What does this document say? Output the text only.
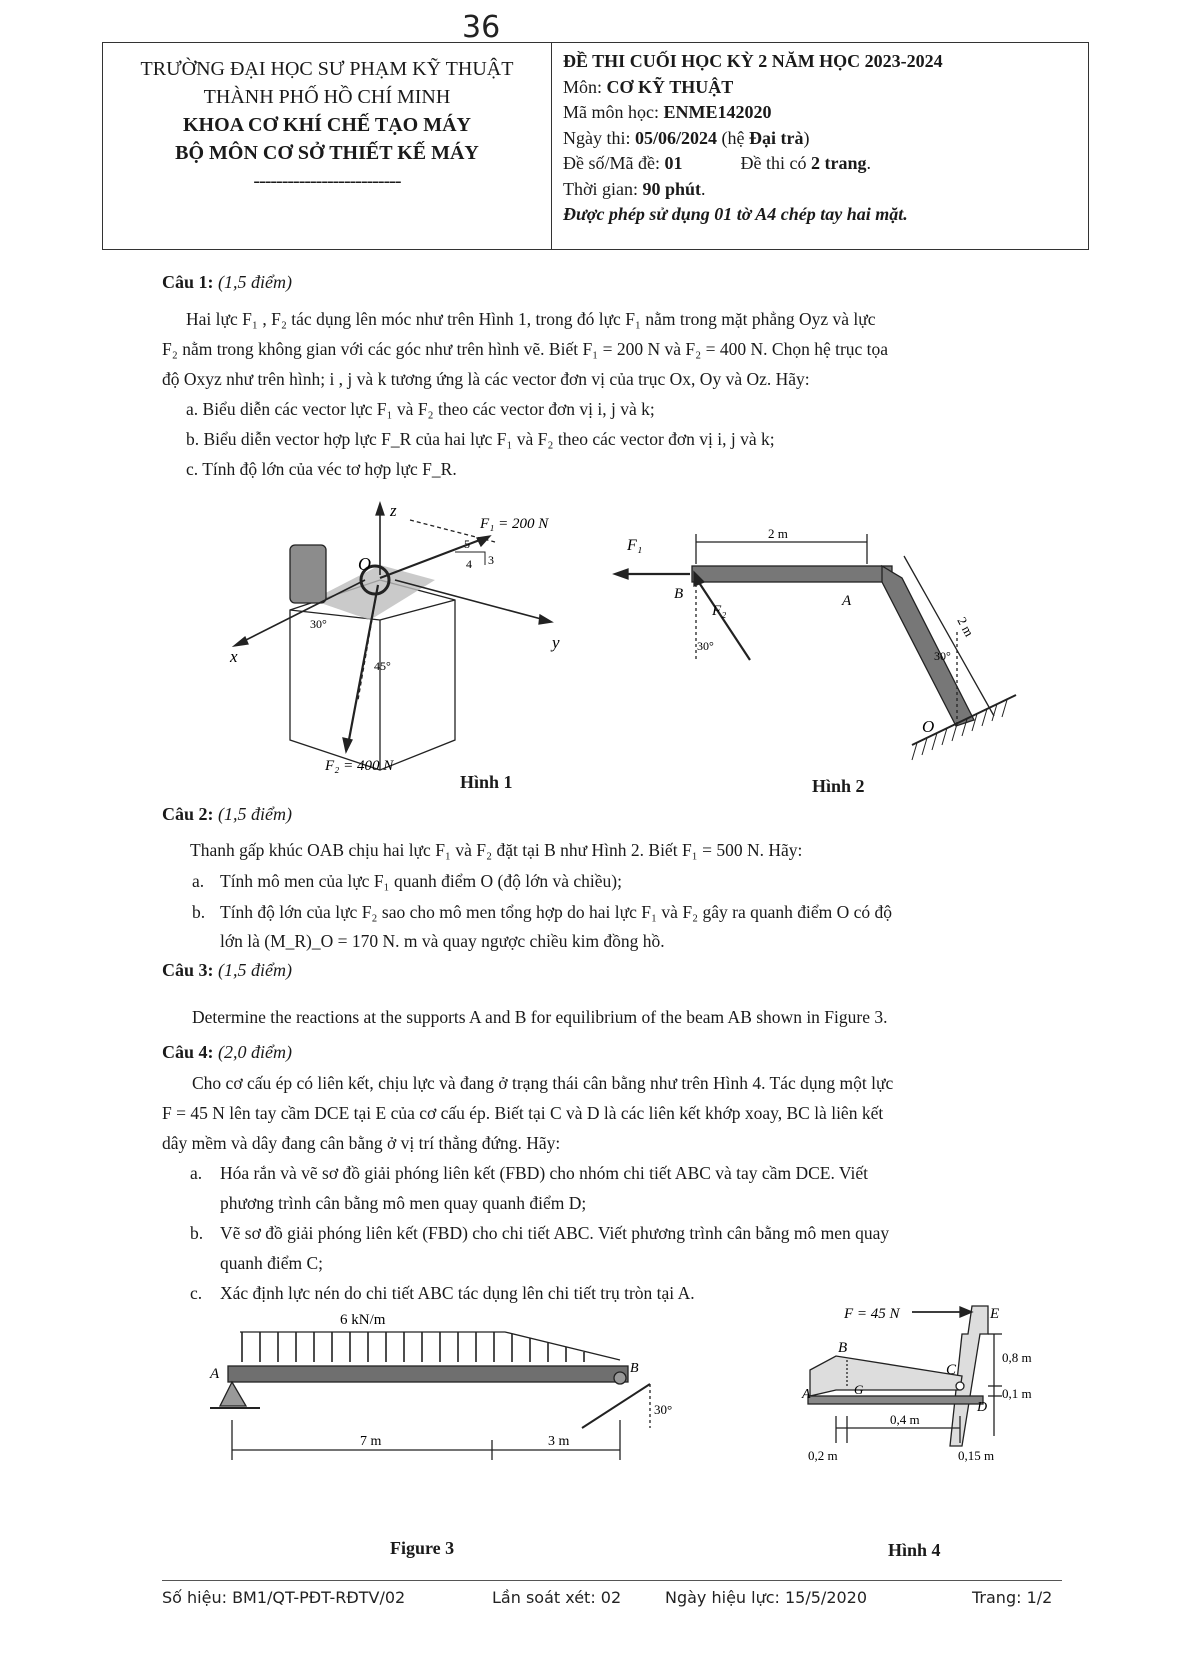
36
TRƯỜNG ĐẠI HỌC SƯ PHẠM KỸ THUẬT
THÀNH PHỐ HỒ CHÍ MINH
KHOA CƠ KHÍ CHẾ TẠO MÁY
BỘ MÔN CƠ SỞ THIẾT KẾ MÁY
--------------------------
ĐỀ THI CUỐI HỌC KỲ 2 NĂM HỌC 2023-2024
Môn: CƠ KỸ THUẬT
Mã môn học: ENME142020
Ngày thi: 05/06/2024 (hệ Đại trà)
Đề số/Mã đề: 01	Đề thi có 2 trang.
Thời gian: 90 phút.
Được phép sử dụng 01 tờ A4 chép tay hai mặt.
Câu 1: (1,5 điểm)
Hai lực F₁ , F₂ tác dụng lên móc như trên Hình 1, trong đó lực F₁ nằm trong mặt phẳng Oyz và lực
F₂ nằm trong không gian với các góc như trên hình vẽ. Biết F₁ = 200 N và F₂ = 400 N. Chọn hệ trục tọa
độ Oxyz như trên hình; i , j và k tương ứng là các vector đơn vị của trục Ox, Oy và Oz. Hãy:
a. Biểu diễn các vector lực F₁ và F₂ theo các vector đơn vị i, j và k;
b. Biểu diễn vector hợp lực F_R của hai lực F₁ và F₂ theo các vector đơn vị i, j và k;
c. Tính độ lớn của véc tơ hợp lực F_R.
z
x
y
O
F₁ = 200 N
5
4 3
30°
45°
F₂ = 400 N
Hình 1
F₁
B
F₂
A
O
2 m
2 m
30°
30°
Hình 2
Câu 2: (1,5 điểm)
Thanh gấp khúc OAB chịu hai lực F₁ và F₂ đặt tại B như Hình 2. Biết F₁ = 500 N. Hãy:
a. Tính mô men của lực F₁ quanh điểm O (độ lớn và chiều);
b. Tính độ lớn của lực F₂ sao cho mô men tổng hợp do hai lực F₁ và F₂ gây ra quanh điểm O có độ
lớn là (M_R)_O = 170 N. m và quay ngược chiều kim đồng hồ.
Câu 3: (1,5 điểm)
Determine the reactions at the supports A and B for equilibrium of the beam AB shown in Figure 3.
Câu 4: (2,0 điểm)
Cho cơ cấu ép có liên kết, chịu lực và đang ở trạng thái cân bằng như trên Hình 4. Tác dụng một lực
F = 45 N lên tay cầm DCE tại E của cơ cấu ép. Biết tại C và D là các liên kết khớp xoay, BC là liên kết
dây mềm và dây đang cân bằng ở vị trí thẳng đứng. Hãy:
a. Hóa rắn và vẽ sơ đồ giải phóng liên kết (FBD) cho nhóm chi tiết ABC và tay cầm DCE. Viết
phương trình cân bằng mô men quay quanh điểm D;
b. Vẽ sơ đồ giải phóng liên kết (FBD) cho chi tiết ABC. Viết phương trình cân bằng mô men quay
quanh điểm C;
c. Xác định lực nén do chi tiết ABC tác dụng lên chi tiết trụ tròn tại A.
6 kN/m
A	B
30°
7 m	3 m
Figure 3
F = 45 N	E
B
C
A	G
D
0,8 m
0,1 m
0,4 m
0,2 m	0,15 m
Hình 4
Số hiệu: BM1/QT-PĐT-RĐTV/02	Lần soát xét: 02	Ngày hiệu lực: 15/5/2020	Trang: 1/2
